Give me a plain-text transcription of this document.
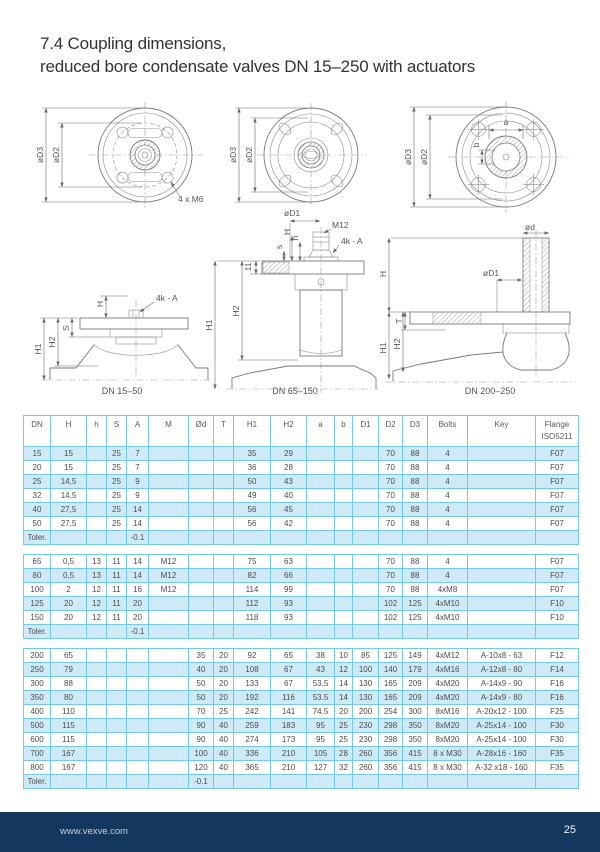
7.4 Coupling dimensions,
reduced bore condensate valves DN 15–250 with actuators
øD3 øD2
4 x M6
øD3 øD2
a
b
øD3 øD2
H1
H2
S
H
4k - A
DN 15–50
øD1
M12
4k - A
s
H
h
11
H1
H2
DN 65–150
ød
øD1
H
T
H1 H2
DN 200–250
DN	H	h	S	A	M	Ød	T	H1	H2	a	b	D1	D2	D3	Bolts	Key	Flange
ISO5211

15	15		25	7				35	29				70	88	4		F07
20	15		25	7				36	28				70	88	4		F07
25	14,5		25	9				50	43				70	88	4		F07
32	14,5		25	9				49	40				70	88	4		F07
40	27,5		25	14				56	45				70	88	4		F07
50	27,5		25	14				56	42				70	88	4		F07
Toler.				-0.1													
65	0,5	13	11	14	M12			75	63				70	88	4		F07
80	0,5	13	11	14	M12			82	66				70	88	4		F07
100	2	12	11	16	M12			114	99				70	88	4xM8		F07
125	20	12	11	20				112	93				102	125	4xM10		F10
150	20	12	11	20				118	93				102	125	4xM10		F10
Toler.				-0.1													
200	65					35	20	92	65	38	10	85	125	149	4xM12	A-10x8 - 63	F12
250	79					40	20	108	67	43	12	100	140	179	4xM16	A-12x8 - 80	F14
300	88					50	20	133	67	53.5	14	130	165	209	4xM20	A-14x9 - 90	F16
350	80					50	20	192	116	53.5	14	130	165	209	4xM20	A-14x9 - 80	F16
400	110					70	25	242	141	74.5	20	200	254	300	8xM16	A-20x12 - 100	F25
500	115					90	40	259	183	95	25	230	298	350	8xM20	A-25x14 - 100	F30
600	115					90	40	274	173	95	25	230	298	350	8xM20	A-25x14 - 100	F30
700	167					100	40	336	210	105	28	260	356	415	8 x M30	A-28x16 - 160	F35
800	167					120	40	365	210	127	32	260	356	415	8 x M30	A-32 x18 - 160	F35
Toler.						-0.1											
www.vexve.com	25
